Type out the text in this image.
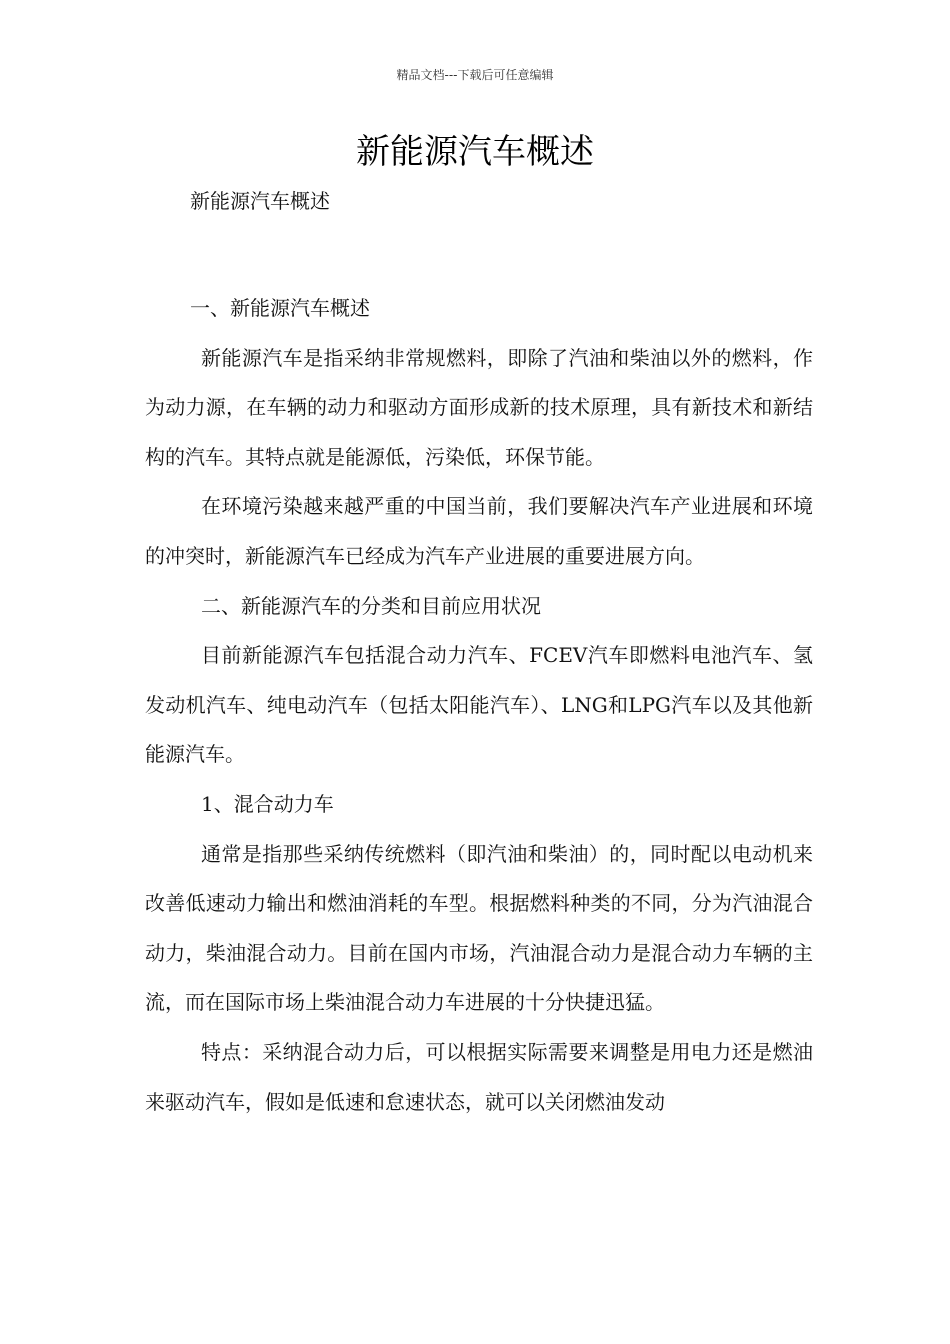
精品文档---下载后可任意编辑
新能源汽车概述
新能源汽车概述

一、新能源汽车概述

新能源汽车是指采纳非常规燃料，即除了汽油和柴油以外的燃料，作为动力源，在车辆的动力和驱动方面形成新的技术原理，具有新技术和新结构的汽车。其特点就是能源低，污染低，环保节能。

在环境污染越来越严重的中国当前，我们要解决汽车产业进展和环境的冲突时，新能源汽车已经成为汽车产业进展的重要进展方向。

二、新能源汽车的分类和目前应用状况

目前新能源汽车包括混合动力汽车、FCEV汽车即燃料电池汽车、氢发动机汽车、纯电动汽车（包括太阳能汽车）、LNG和LPG汽车以及其他新能源汽车。

1、混合动力车

通常是指那些采纳传统燃料（即汽油和柴油）的，同时配以电动机来改善低速动力输出和燃油消耗的车型。根据燃料种类的不同，分为汽油混合动力，柴油混合动力。目前在国内市场，汽油混合动力是混合动力车辆的主流，而在国际市场上柴油混合动力车进展的十分快捷迅猛。

特点：采纳混合动力后，可以根据实际需要来调整是用电力还是燃油来驱动汽车，假如是低速和怠速状态，就可以关闭燃油发动
